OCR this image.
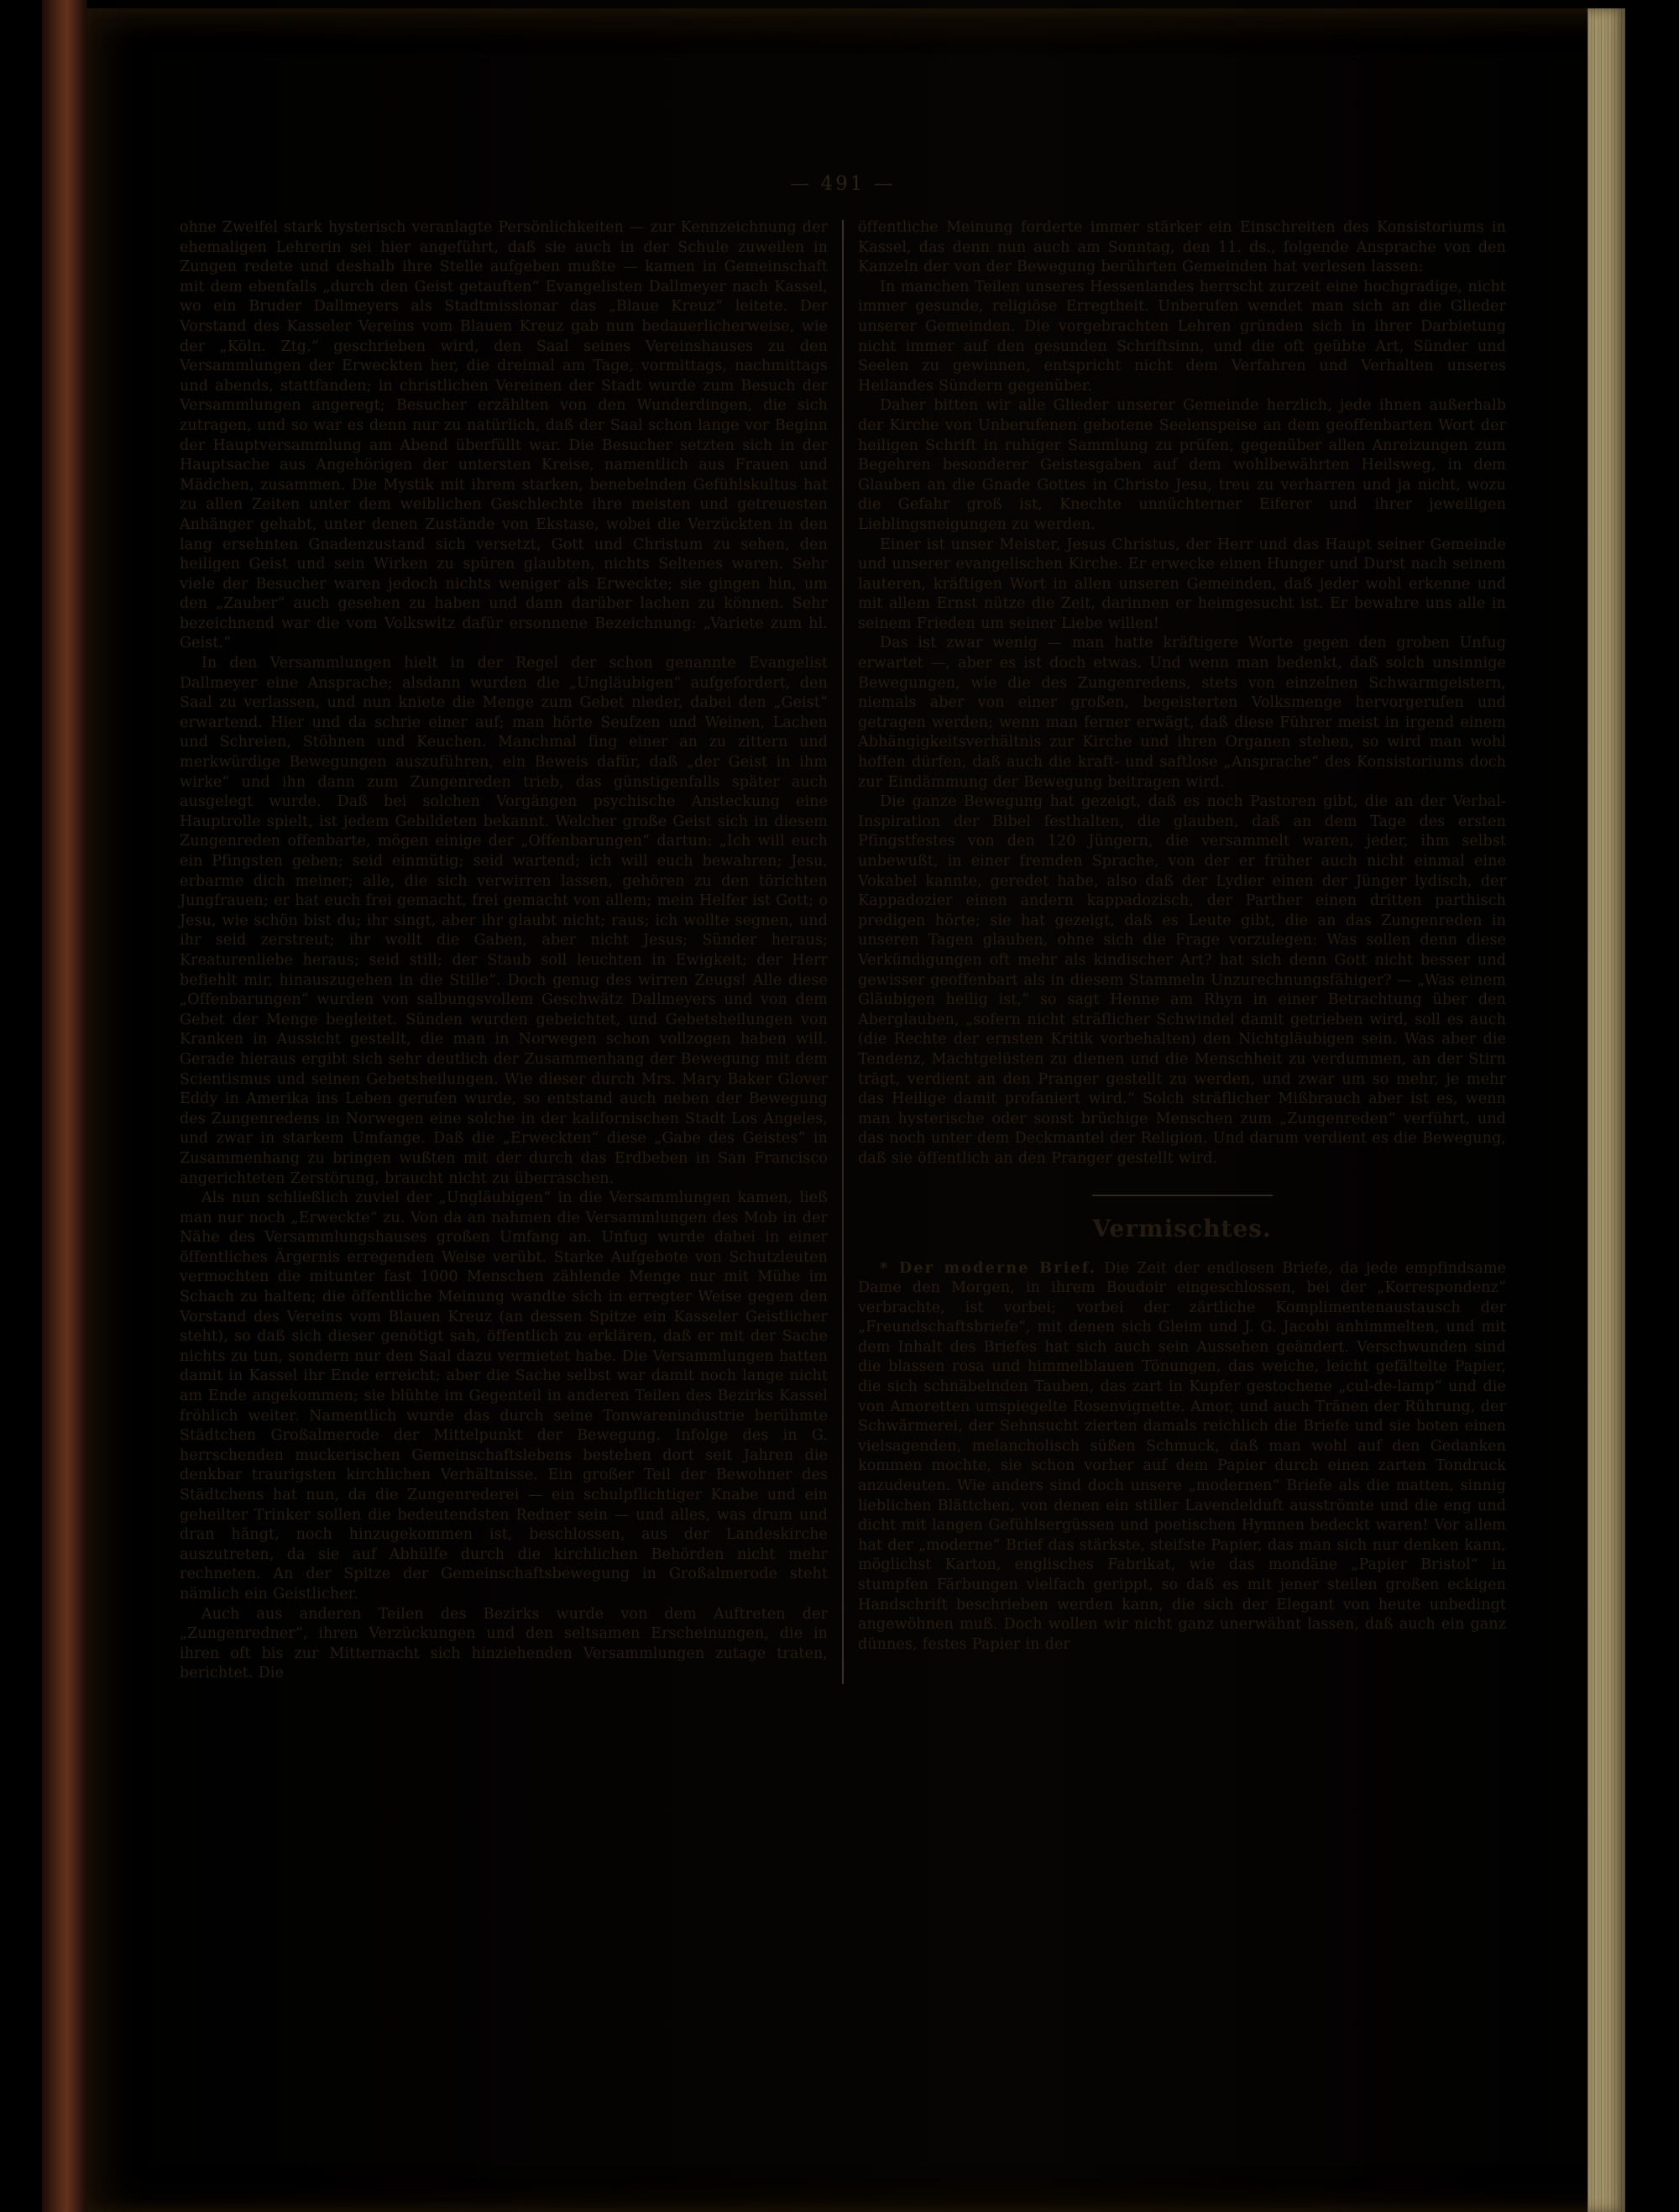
— 491 —

ohne Zweifel stark hysterisch veranlagte Persönlichkeiten — zur Kennzeichnung der ehemaligen Lehrerin sei hier angeführt, daß sie auch in der Schule zuweilen in Zungen redete und deshalb ihre Stelle aufgeben mußte — kamen in Gemeinschaft mit dem ebenfalls „durch den Geist getauften“ Evangelisten Dallmeyer nach Kassel, wo ein Bruder Dallmeyers als Stadtmissionar das „Blaue Kreuz“ leitete. Der Vorstand des Kasseler Vereins vom Blauen Kreuz gab nun bedauerlicherweise, wie der „Köln. Ztg.“ geschrieben wird, den Saal seines Vereinshauses zu den Versammlungen der Erweckten her, die dreimal am Tage, vormittags, nachmittags und abends, stattfanden; in christlichen Vereinen der Stadt wurde zum Besuch der Versammlungen angeregt; Besucher erzählten von den Wunderdingen, die sich zutragen, und so war es denn nur zu natürlich, daß der Saal schon lange vor Beginn der Hauptversammlung am Abend überfüllt war. Die Besucher setzten sich in der Hauptsache aus Angehörigen der untersten Kreise, namentlich aus Frauen und Mädchen, zusammen. Die Mystik mit ihrem starken, benebelnden Gefühlskultus hat zu allen Zeiten unter dem weiblichen Geschlechte ihre meisten und getreuesten Anhänger gehabt, unter denen Zustände von Ekstase, wobei die Verzückten in den lang ersehnten Gnadenzustand sich versetzt, Gott und Christum zu sehen, den heiligen Geist und sein Wirken zu spüren glaubten, nichts Seltenes waren. Sehr viele der Besucher waren jedoch nichts weniger als Erweckte; sie gingen hin, um den „Zauber“ auch gesehen zu haben und dann darüber lachen zu können. Sehr bezeichnend war die vom Volkswitz dafür ersonnene Bezeichnung: „Variete zum hl. Geist.“

In den Versammlungen hielt in der Regel der schon genannte Evangelist Dallmeyer eine Ansprache; alsdann wurden die „Ungläubigen“ aufgefordert, den Saal zu verlassen, und nun kniete die Menge zum Gebet nieder, dabei den „Geist“ erwartend. Hier und da schrie einer auf; man hörte Seufzen und Weinen, Lachen und Schreien, Stöhnen und Keuchen. Manchmal fing einer an zu zittern und merkwürdige Bewegungen auszuführen, ein Beweis dafür, daß „der Geist in ihm wirke“ und ihn dann zum Zungenreden trieb, das günstigenfalls später auch ausgelegt wurde. Daß bei solchen Vorgängen psychische Ansteckung eine Hauptrolle spielt, ist jedem Gebildeten bekannt. Welcher große Geist sich in diesem Zungenreden offenbarte, mögen einige der „Offenbarungen“ dartun: „Ich will euch ein Pfingsten geben; seid einmütig; seid wartend; ich will euch bewahren; Jesu, erbarme dich meiner; alle, die sich verwirren lassen, gehören zu den törichten Jungfrauen; er hat euch frei gemacht, frei gemacht von allem; mein Helfer ist Gott; o Jesu, wie schön bist du; ihr singt, aber ihr glaubt nicht; raus; ich wollte segnen, und ihr seid zerstreut; ihr wollt die Gaben, aber nicht Jesus; Sünder heraus; Kreaturenliebe heraus; seid still; der Staub soll leuchten in Ewigkeit; der Herr befiehlt mir, hinauszugehen in die Stille“. Doch genug des wirren Zeugs! Alle diese „Offenbarungen“ wurden von salbungsvollem Geschwätz Dallmeyers und von dem Gebet der Menge begleitet. Sünden wurden gebeichtet, und Gebetsheilungen von Kranken in Aussicht gestellt, die man in Norwegen schon vollzogen haben will. Gerade hieraus ergibt sich sehr deutlich der Zusammenhang der Bewegung mit dem Scientismus und seinen Gebetsheilungen. Wie dieser durch Mrs. Mary Baker Glover Eddy in Amerika ins Leben gerufen wurde, so entstand auch neben der Bewegung des Zungenredens in Norwegen eine solche in der kalifornischen Stadt Los Angeles, und zwar in starkem Umfange. Daß die „Erweckten“ diese „Gabe des Geistes“ in Zusammenhang zu bringen wußten mit der durch das Erdbeben in San Francisco angerichteten Zerstörung, braucht nicht zu überraschen.

Als nun schließlich zuviel der „Ungläubigen“ in die Versammlungen kamen, ließ man nur noch „Erweckte“ zu. Von da an nahmen die Versammlungen des Mob in der Nähe des Versammlungshauses großen Umfang an. Unfug wurde dabei in einer öffentliches Ärgernis erregenden Weise verübt. Starke Aufgebote von Schutzleuten vermochten die mitunter fast 1000 Menschen zählende Menge nur mit Mühe im Schach zu halten; die öffentliche Meinung wandte sich in erregter Weise gegen den Vorstand des Vereins vom Blauen Kreuz (an dessen Spitze ein Kasseler Geistlicher steht), so daß sich dieser genötigt sah, öffentlich zu erklären, daß er mit der Sache nichts zu tun, sondern nur den Saal dazu vermietet habe. Die Versammlungen hatten damit in Kassel ihr Ende erreicht; aber die Sache selbst war damit noch lange nicht am Ende angekommen; sie blühte im Gegenteil in anderen Teilen des Bezirks Kassel fröhlich weiter. Namentlich wurde das durch seine Tonwarenindustrie berühmte Städtchen Großalmerode der Mittelpunkt der Bewegung. Infolge des in G. herrschenden muckerischen Gemeinschaftslebens bestehen dort seit Jahren die denkbar traurigsten kirchlichen Verhältnisse. Ein großer Teil der Bewohner des Städtchens hat nun, da die Zungenrederei — ein schulpflichtiger Knabe und ein geheilter Trinker sollen die bedeutendsten Redner sein — und alles, was drum und dran hängt, noch hinzugekommen ist, beschlossen, aus der Landeskirche auszutreten, da sie auf Abhülfe durch die kirchlichen Behörden nicht mehr rechneten. An der Spitze der Gemeinschaftsbewegung in Großalmerode steht nämlich ein Geistlicher.

Auch aus anderen Teilen des Bezirks wurde von dem Auftreten der „Zungenredner“, ihren Verzückungen und den seltsamen Erscheinungen, die in ihren oft bis zur Mitternacht sich hinziehenden Versammlungen zutage traten, berichtet. Die

öffentliche Meinung forderte immer stärker ein Einschreiten des Konsistoriums in Kassel, das denn nun auch am Sonntag, den 11. ds., folgende Ansprache von den Kanzeln der von der Bewegung berührten Gemeinden hat verlesen lassen:

In manchen Teilen unseres Hessenlandes herrscht zurzeit eine hochgradige, nicht immer gesunde, religiöse Erregtheit. Unberufen wendet man sich an die Glieder unserer Gemeinden. Die vorgebrachten Lehren gründen sich in ihrer Darbietung nicht immer auf den gesunden Schriftsinn, und die oft geübte Art, Sünder und Seelen zu gewinnen, entspricht nicht dem Verfahren und Verhalten unseres Heilandes Sündern gegenüber.

Daher bitten wir alle Glieder unserer Gemeinde herzlich, jede ihnen außerhalb der Kirche von Unberufenen gebotene Seelenspeise an dem geoffenbarten Wort der heiligen Schrift in ruhiger Sammlung zu prüfen, gegenüber allen Anreizungen zum Begehren besonderer Geistesgaben auf dem wohlbewährten Heilsweg, in dem Glauben an die Gnade Gottes in Christo Jesu, treu zu verharren und ja nicht, wozu die Gefahr groß ist, Knechte unnüchterner Eiferer und ihrer jeweiligen Lieblingsneigungen zu werden.

Einer ist unser Meister, Jesus Christus, der Herr und das Haupt seiner Gemeinde und unserer evangelischen Kirche. Er erwecke einen Hunger und Durst nach seinem lauteren, kräftigen Wort in allen unseren Gemeinden, daß jeder wohl erkenne und mit allem Ernst nütze die Zeit, darinnen er heimgesucht ist. Er bewahre uns alle in seinem Frieden um seiner Liebe willen!

Das ist zwar wenig — man hatte kräftigere Worte gegen den groben Unfug erwartet —, aber es ist doch etwas. Und wenn man bedenkt, daß solch unsinnige Bewegungen, wie die des Zungenredens, stets von einzelnen Schwarmgeistern, niemals aber von einer großen, begeisterten Volksmenge hervorgerufen und getragen werden; wenn man ferner erwägt, daß diese Führer meist in irgend einem Abhängigkeitsverhältnis zur Kirche und ihren Organen stehen, so wird man wohl hoffen dürfen, daß auch die kraft- und saftlose „Ansprache“ des Konsistoriums doch zur Eindämmung der Bewegung beitragen wird.

Die ganze Bewegung hat gezeigt, daß es noch Pastoren gibt, die an der Verbal-Inspiration der Bibel festhalten, die glauben, daß an dem Tage des ersten Pfingstfestes von den 120 Jüngern, die versammelt waren, jeder, ihm selbst unbewußt, in einer fremden Sprache, von der er früher auch nicht einmal eine Vokabel kannte, geredet habe, also daß der Lydier einen der Jünger lydisch, der Kappadozier einen andern kappadozisch, der Parther einen dritten parthisch predigen hörte; sie hat gezeigt, daß es Leute gibt, die an das Zungenreden in unseren Tagen glauben, ohne sich die Frage vorzulegen: Was sollen denn diese Verkündigungen oft mehr als kindischer Art? hat sich denn Gott nicht besser und gewisser geoffenbart als in diesem Stammeln Unzurechnungsfähiger? — „Was einem Gläubigen heilig ist,“ so sagt Henne am Rhyn in einer Betrachtung über den Aberglauben, „sofern nicht sträflicher Schwindel damit getrieben wird, soll es auch (die Rechte der ernsten Kritik vorbehalten) den Nichtgläubigen sein. Was aber die Tendenz, Machtgelüsten zu dienen und die Menschheit zu verdummen, an der Stirn trägt, verdient an den Pranger gestellt zu werden, und zwar um so mehr, je mehr das Heilige damit profaniert wird.“ Solch sträflicher Mißbrauch aber ist es, wenn man hysterische oder sonst brüchige Menschen zum „Zungenreden“ verführt, und das noch unter dem Deckmantel der Religion. Und darum verdient es die Bewegung, daß sie öffentlich an den Pranger gestellt wird.

Vermischtes.

* Der moderne Brief. Die Zeit der endlosen Briefe, da jede empfindsame Dame den Morgen, in ihrem Boudoir eingeschlossen, bei der „Korrespondenz“ verbrachte, ist vorbei; vorbei der zärtliche Komplimentenaustausch der „Freundschaftsbriefe“, mit denen sich Gleim und J. G. Jacobi anhimmelten, und mit dem Inhalt des Briefes hat sich auch sein Aussehen geändert. Verschwunden sind die blassen rosa und himmelblauen Tönungen, das weiche, leicht gefältelte Papier, die sich schnäbelnden Tauben, das zart in Kupfer gestochene „cul-de-lamp“ und die von Amoretten umspiegelte Rosenvignette. Amor, und auch Tränen der Rührung, der Schwärmerei, der Sehnsucht zierten damals reichlich die Briefe und sie boten einen vielsagenden, melancholisch süßen Schmuck, daß man wohl auf den Gedanken kommen mochte, sie schon vorher auf dem Papier durch einen zarten Tondruck anzudeuten. Wie anders sind doch unsere „modernen“ Briefe als die matten, sinnig lieblichen Blättchen, von denen ein stiller Lavendelduft ausströmte und die eng und dicht mit langen Gefühlsergüssen und poetischen Hymnen bedeckt waren! Vor allem hat der „moderne“ Brief das stärkste, steifste Papier, das man sich nur denken kann, möglichst Karton, englisches Fabrikat, wie das mondäne „Papier Bristol“ in stumpfen Färbungen vielfach gerippt, so daß es mit jener steilen großen eckigen Handschrift beschrieben werden kann, die sich der Elegant von heute unbedingt angewöhnen muß. Doch wollen wir nicht ganz unerwähnt lassen, daß auch ein ganz dünnes, festes Papier in der
